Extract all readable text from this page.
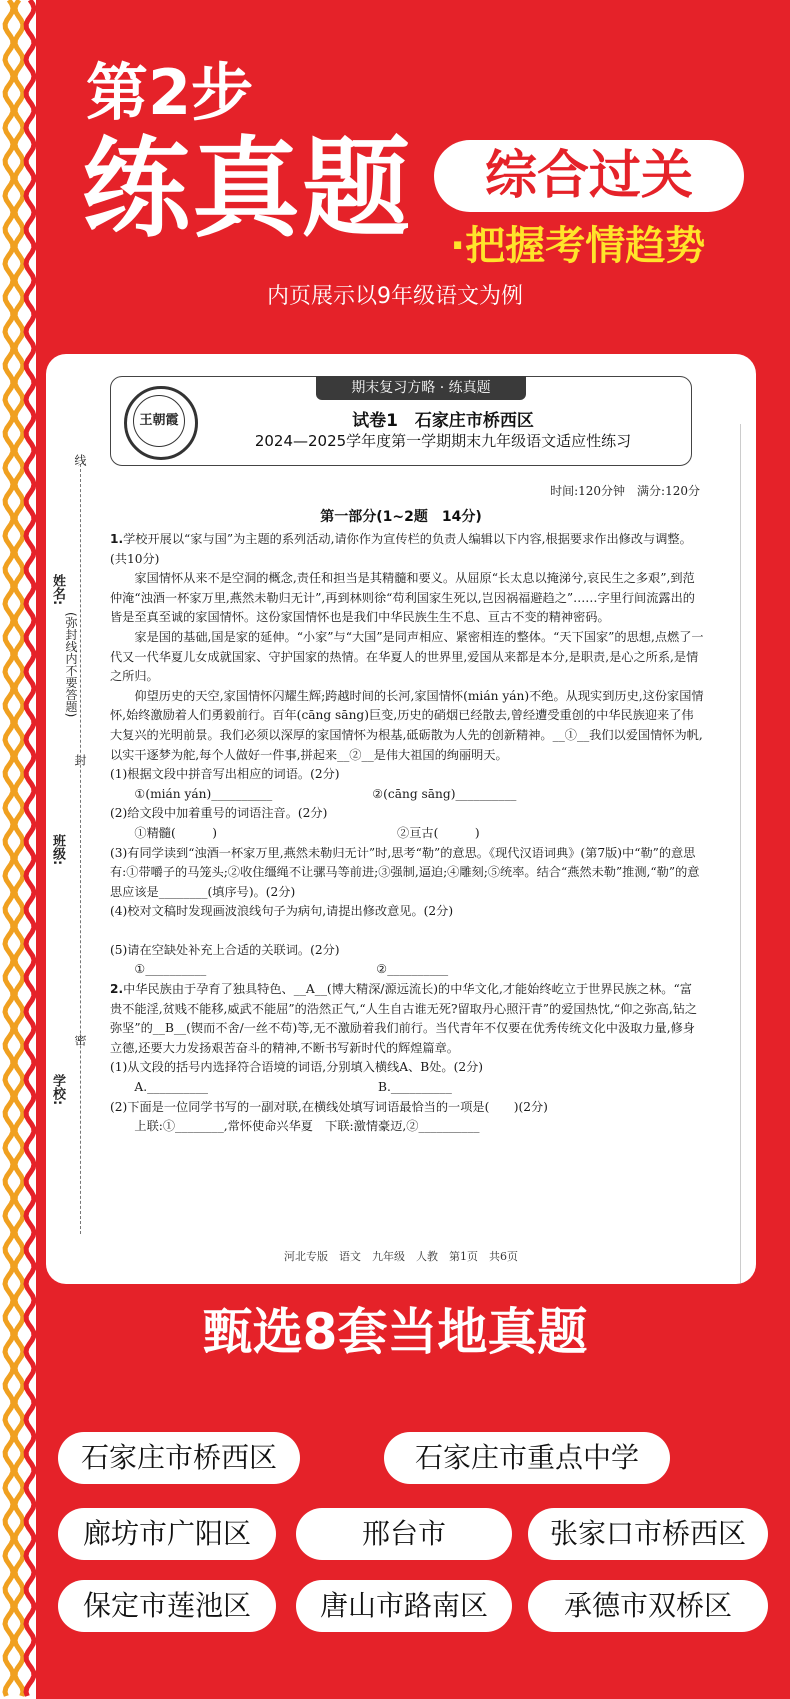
第2步
练真题	综合过关
·把握考情趋势
内页展示以9年级语文为例
期末复习方略 · 练真题
王朝霞	试卷1　石家庄市桥西区
2024—2025学年度第一学期期末九年级语文适应性练习
时间:120分钟　满分:120分
第一部分(1~2题　14分)
线
姓名:
(弥封线内不要答题)
封
班级:
密
学校:

1.学校开展以“家与国”为主题的系列活动,请你作为宣传栏的负责人编辑以下内容,根据要求作出修改与调整。(共10分)

家国情怀从来不是空洞的概念,责任和担当是其精髓和要义。从屈原“长太息以掩涕兮,哀民生之多艰”,到范仲淹“浊酒一杯家万里,燕然未勒归无计”,再到林则徐“苟利国家生死以,岂因祸福避趋之”……字里行间流露出的皆是至真至诚的家国情怀。这份家国情怀也是我们中华民族生生不息、亘古不变的精神密码。

家是国的基础,国是家的延伸。“小家”与“大国”是同声相应、紧密相连的整体。“天下国家”的思想,点燃了一代又一代华夏儿女成就国家、守护国家的热情。在华夏人的世界里,爱国从来都是本分,是职责,是心之所系,是情之所归。

仰望历史的天空,家国情怀闪耀生辉;跨越时间的长河,家国情怀(mián yán)不绝。从现实到历史,这份家国情怀,始终激励着人们勇毅前行。百年(cāng sāng)巨变,历史的硝烟已经散去,曾经遭受重创的中华民族迎来了伟大复兴的光明前景。我们必须以深厚的家国情怀为根基,砥砺散为人先的创新精神。__①__我们以爱国情怀为帆,以实干逐梦为舵,每个人做好一件事,拼起来__②__是伟大祖国的绚丽明天。

(1)根据文段中拼音写出相应的词语。(2分)

①(mián yán)__________	②(cāng sāng)__________

(2)给文段中加着重号的词语注音。(2分)

①精髓(　　　)	②亘古(　　　)

(3)有同学读到“浊酒一杯家万里,燕然未勒归无计”时,思考“勒”的意思。《现代汉语词典》(第7版)中“勒”的意思有:①带嚼子的马笼头;②收住缰绳不让骡马等前进;③强制,逼迫;④雕刻;⑤统率。结合“燕然未勒”推测,“勒”的意思应该是________(填序号)。(2分)

(4)校对文稿时发现画波浪线句子为病句,请提出修改意见。(2分)

(5)请在空缺处补充上合适的关联词。(2分)

①__________	②__________

2.中华民族由于孕育了独具特色、__A__(博大精深/源远流长)的中华文化,才能始终屹立于世界民族之林。“富贵不能淫,贫贱不能移,威武不能屈”的浩然正气,“人生自古谁无死?留取丹心照汗青”的爱国热忱,“仰之弥高,钻之弥坚”的__B__(锲而不舍/一丝不苟)等,无不激励着我们前行。当代青年不仅要在优秀传统文化中汲取力量,修身立德,还要大力发扬艰苦奋斗的精神,不断书写新时代的辉煌篇章。

(1)从文段的括号内选择符合语境的词语,分别填入横线A、B处。(2分)

A.__________	B.__________

(2)下面是一位同学书写的一副对联,在横线处填写词语最恰当的一项是(　　)(2分)

上联:①________,常怀使命兴华夏　下联:激情豪迈,②__________

河北专版　语文　九年级　人教　第1页　共6页
甄选8套当地真题
石家庄市桥西区	石家庄市重点中学
廊坊市广阳区	邢台市	张家口市桥西区
保定市莲池区	唐山市路南区	承德市双桥区
